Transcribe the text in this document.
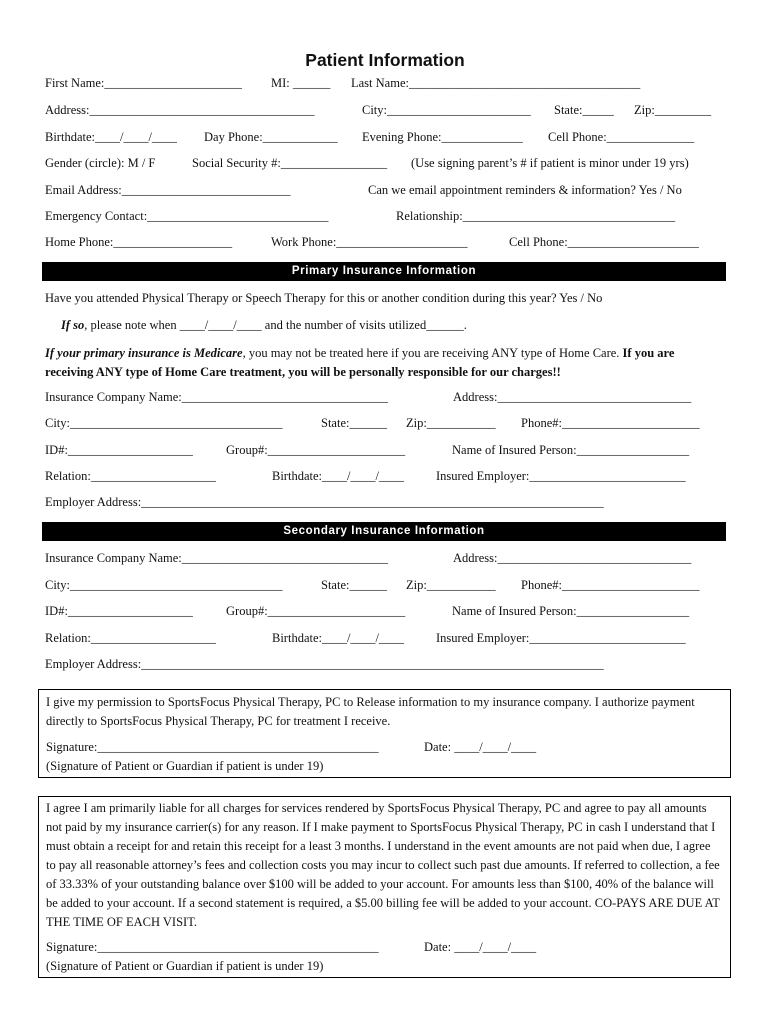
Patient Information
First Name:______________________ MI: ______ Last Name:_____________________________________
Address:____________________________________	City:_______________________ State:_____ Zip:_________
Birthdate:____/____/____ Day Phone:____________ Evening Phone:_____________ Cell Phone:______________
Gender (circle): M / F	Social Security #:_________________ (Use signing parent’s # if patient is minor under 19 yrs)
Email Address:___________________________	Can we email appointment reminders & information? Yes / No
Emergency Contact:_____________________________	Relationship:__________________________________
Home Phone:___________________	Work Phone:_____________________	Cell Phone:_____________________
Primary Insurance Information
Have you attended Physical Therapy or Speech Therapy for this or another condition during this year? Yes / No
If so, please note when ____/____/____ and the number of visits utilized______.
If your primary insurance is Medicare, you may not be treated here if you are receiving ANY type of Home Care. If you are receiving ANY type of Home Care treatment, you will be personally responsible for our charges!!
Insurance Company Name:_________________________________	Address:_______________________________
City:__________________________________	State:______ Zip:___________ Phone#:______________________
ID#:____________________	Group#:______________________	Name of Insured Person:__________________
Relation:____________________	Birthdate:____/____/____	Insured Employer:_________________________
Employer Address:__________________________________________________________________________
Secondary Insurance Information
Insurance Company Name:_________________________________	Address:_______________________________
City:__________________________________	State:______ Zip:___________ Phone#:______________________
ID#:____________________	Group#:______________________	Name of Insured Person:__________________
Relation:____________________	Birthdate:____/____/____	Insured Employer:_________________________
Employer Address:__________________________________________________________________________
I give my permission to SportsFocus Physical Therapy, PC to Release information to my insurance company. I authorize payment directly to SportsFocus Physical Therapy, PC for treatment I receive.
Signature:_____________________________________________	Date: ____/____/____
(Signature of Patient or Guardian if patient is under 19)
I agree I am primarily liable for all charges for services rendered by SportsFocus Physical Therapy, PC and agree to pay all amounts not paid by my insurance carrier(s) for any reason. If I make payment to SportsFocus Physical Therapy, PC in cash I understand that I must obtain a receipt for and retain this receipt for a least 3 months. I understand in the event amounts are not paid when due, I agree to pay all reasonable attorney’s fees and collection costs you may incur to collect such past due amounts. If referred to collection, a fee of 33.33% of your outstanding balance over $100 will be added to your account. For amounts less than $100, 40% of the balance will be added to your account. If a second statement is required, a $5.00 billing fee will be added to your account. CO-PAYS ARE DUE AT THE TIME OF EACH VISIT.
Signature:_____________________________________________	Date: ____/____/____
(Signature of Patient or Guardian if patient is under 19)
